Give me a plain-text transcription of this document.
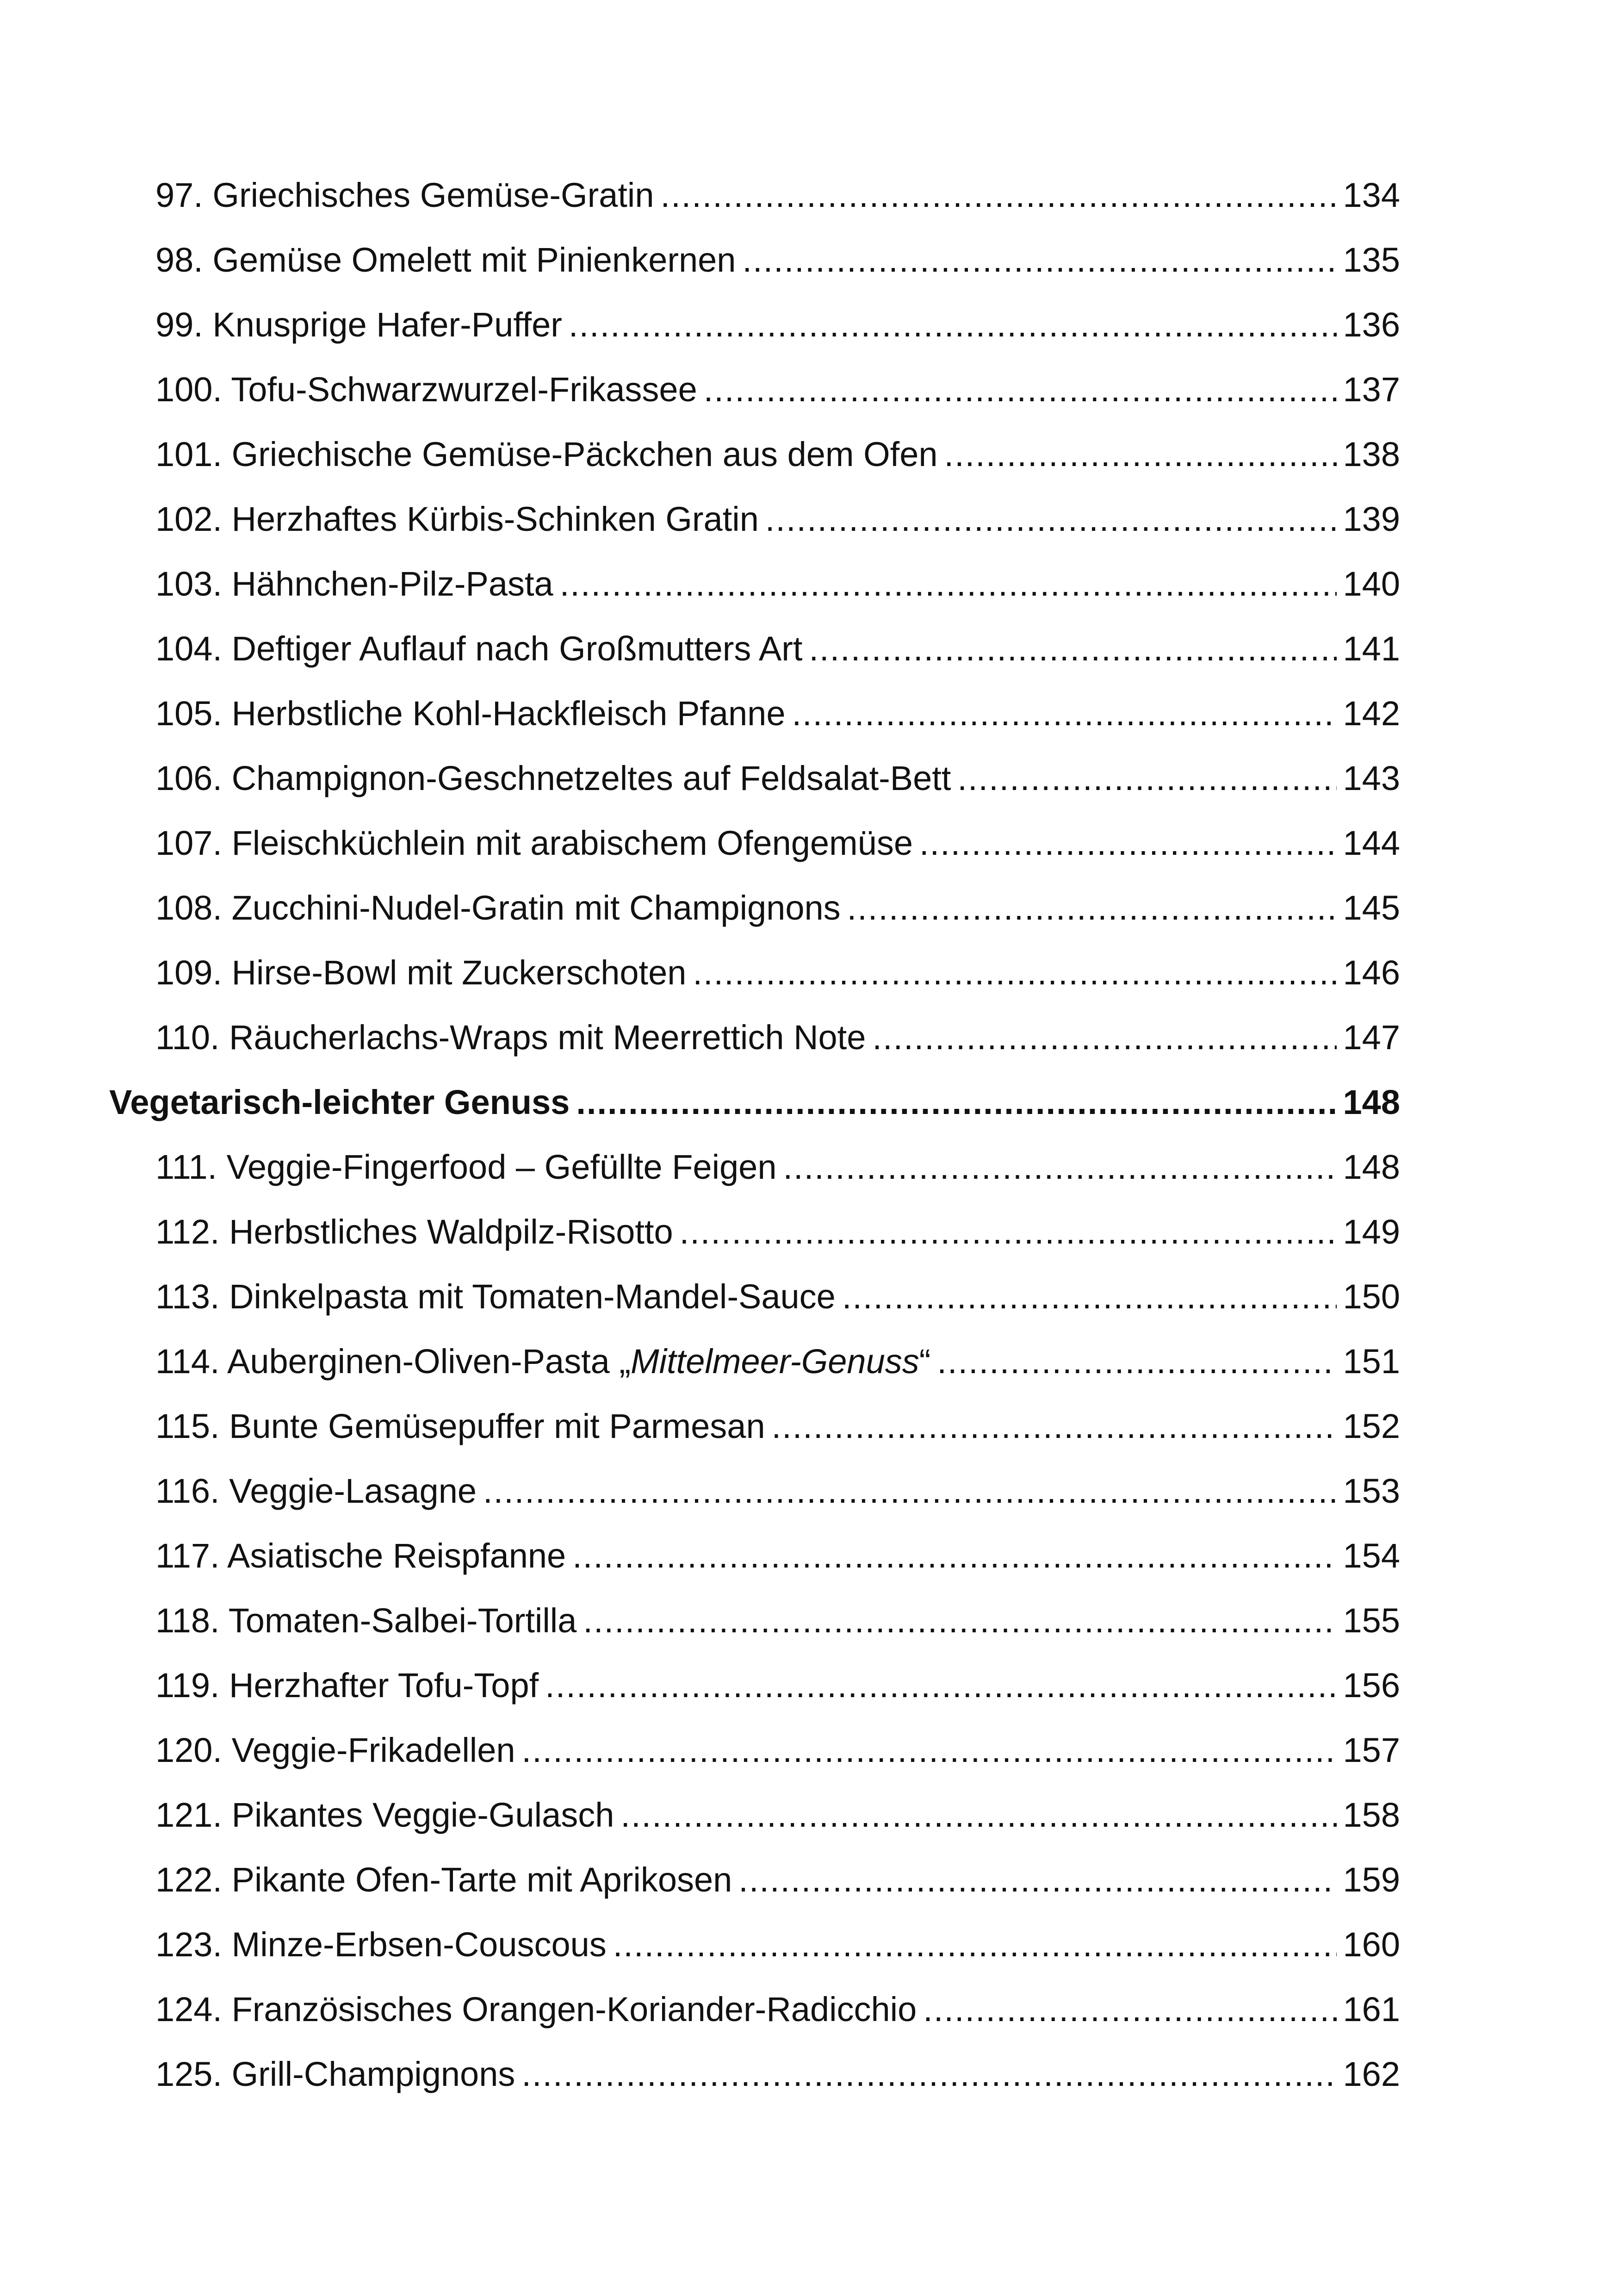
97. Griechisches Gemüse-Gratin .....	134
98. Gemüse Omelett mit Pinienkernen .....	135
99. Knusprige Hafer-Puffer .....	136
100. Tofu-Schwarzwurzel-Frikassee .....	137
101. Griechische Gemüse-Päckchen aus dem Ofen .....	138
102. Herzhaftes Kürbis-Schinken Gratin .....	139
103. Hähnchen-Pilz-Pasta .....	140
104. Deftiger Auflauf nach Großmutters Art .....	141
105. Herbstliche Kohl-Hackfleisch Pfanne .....	142
106. Champignon-Geschnetzeltes auf Feldsalat-Bett .....	143
107. Fleischküchlein mit arabischem Ofengemüse .....	144
108. Zucchini-Nudel-Gratin mit Champignons .....	145
109. Hirse-Bowl mit Zuckerschoten .....	146
110. Räucherlachs-Wraps mit Meerrettich Note .....	147
Vegetarisch-leichter Genuss .....	148
111. Veggie-Fingerfood – Gefüllte Feigen .....	148
112. Herbstliches Waldpilz-Risotto .....	149
113. Dinkelpasta mit Tomaten-Mandel-Sauce .....	150
114. Auberginen-Oliven-Pasta „Mittelmeer-Genuss“ .....	151
115. Bunte Gemüsepuffer mit Parmesan .....	152
116. Veggie-Lasagne .....	153
117. Asiatische Reispfanne .....	154
118. Tomaten-Salbei-Tortilla .....	155
119. Herzhafter Tofu-Topf .....	156
120. Veggie-Frikadellen .....	157
121. Pikantes Veggie-Gulasch .....	158
122. Pikante Ofen-Tarte mit Aprikosen .....	159
123. Minze-Erbsen-Couscous .....	160
124. Französisches Orangen-Koriander-Radicchio .....	161
125. Grill-Champignons .....	162
